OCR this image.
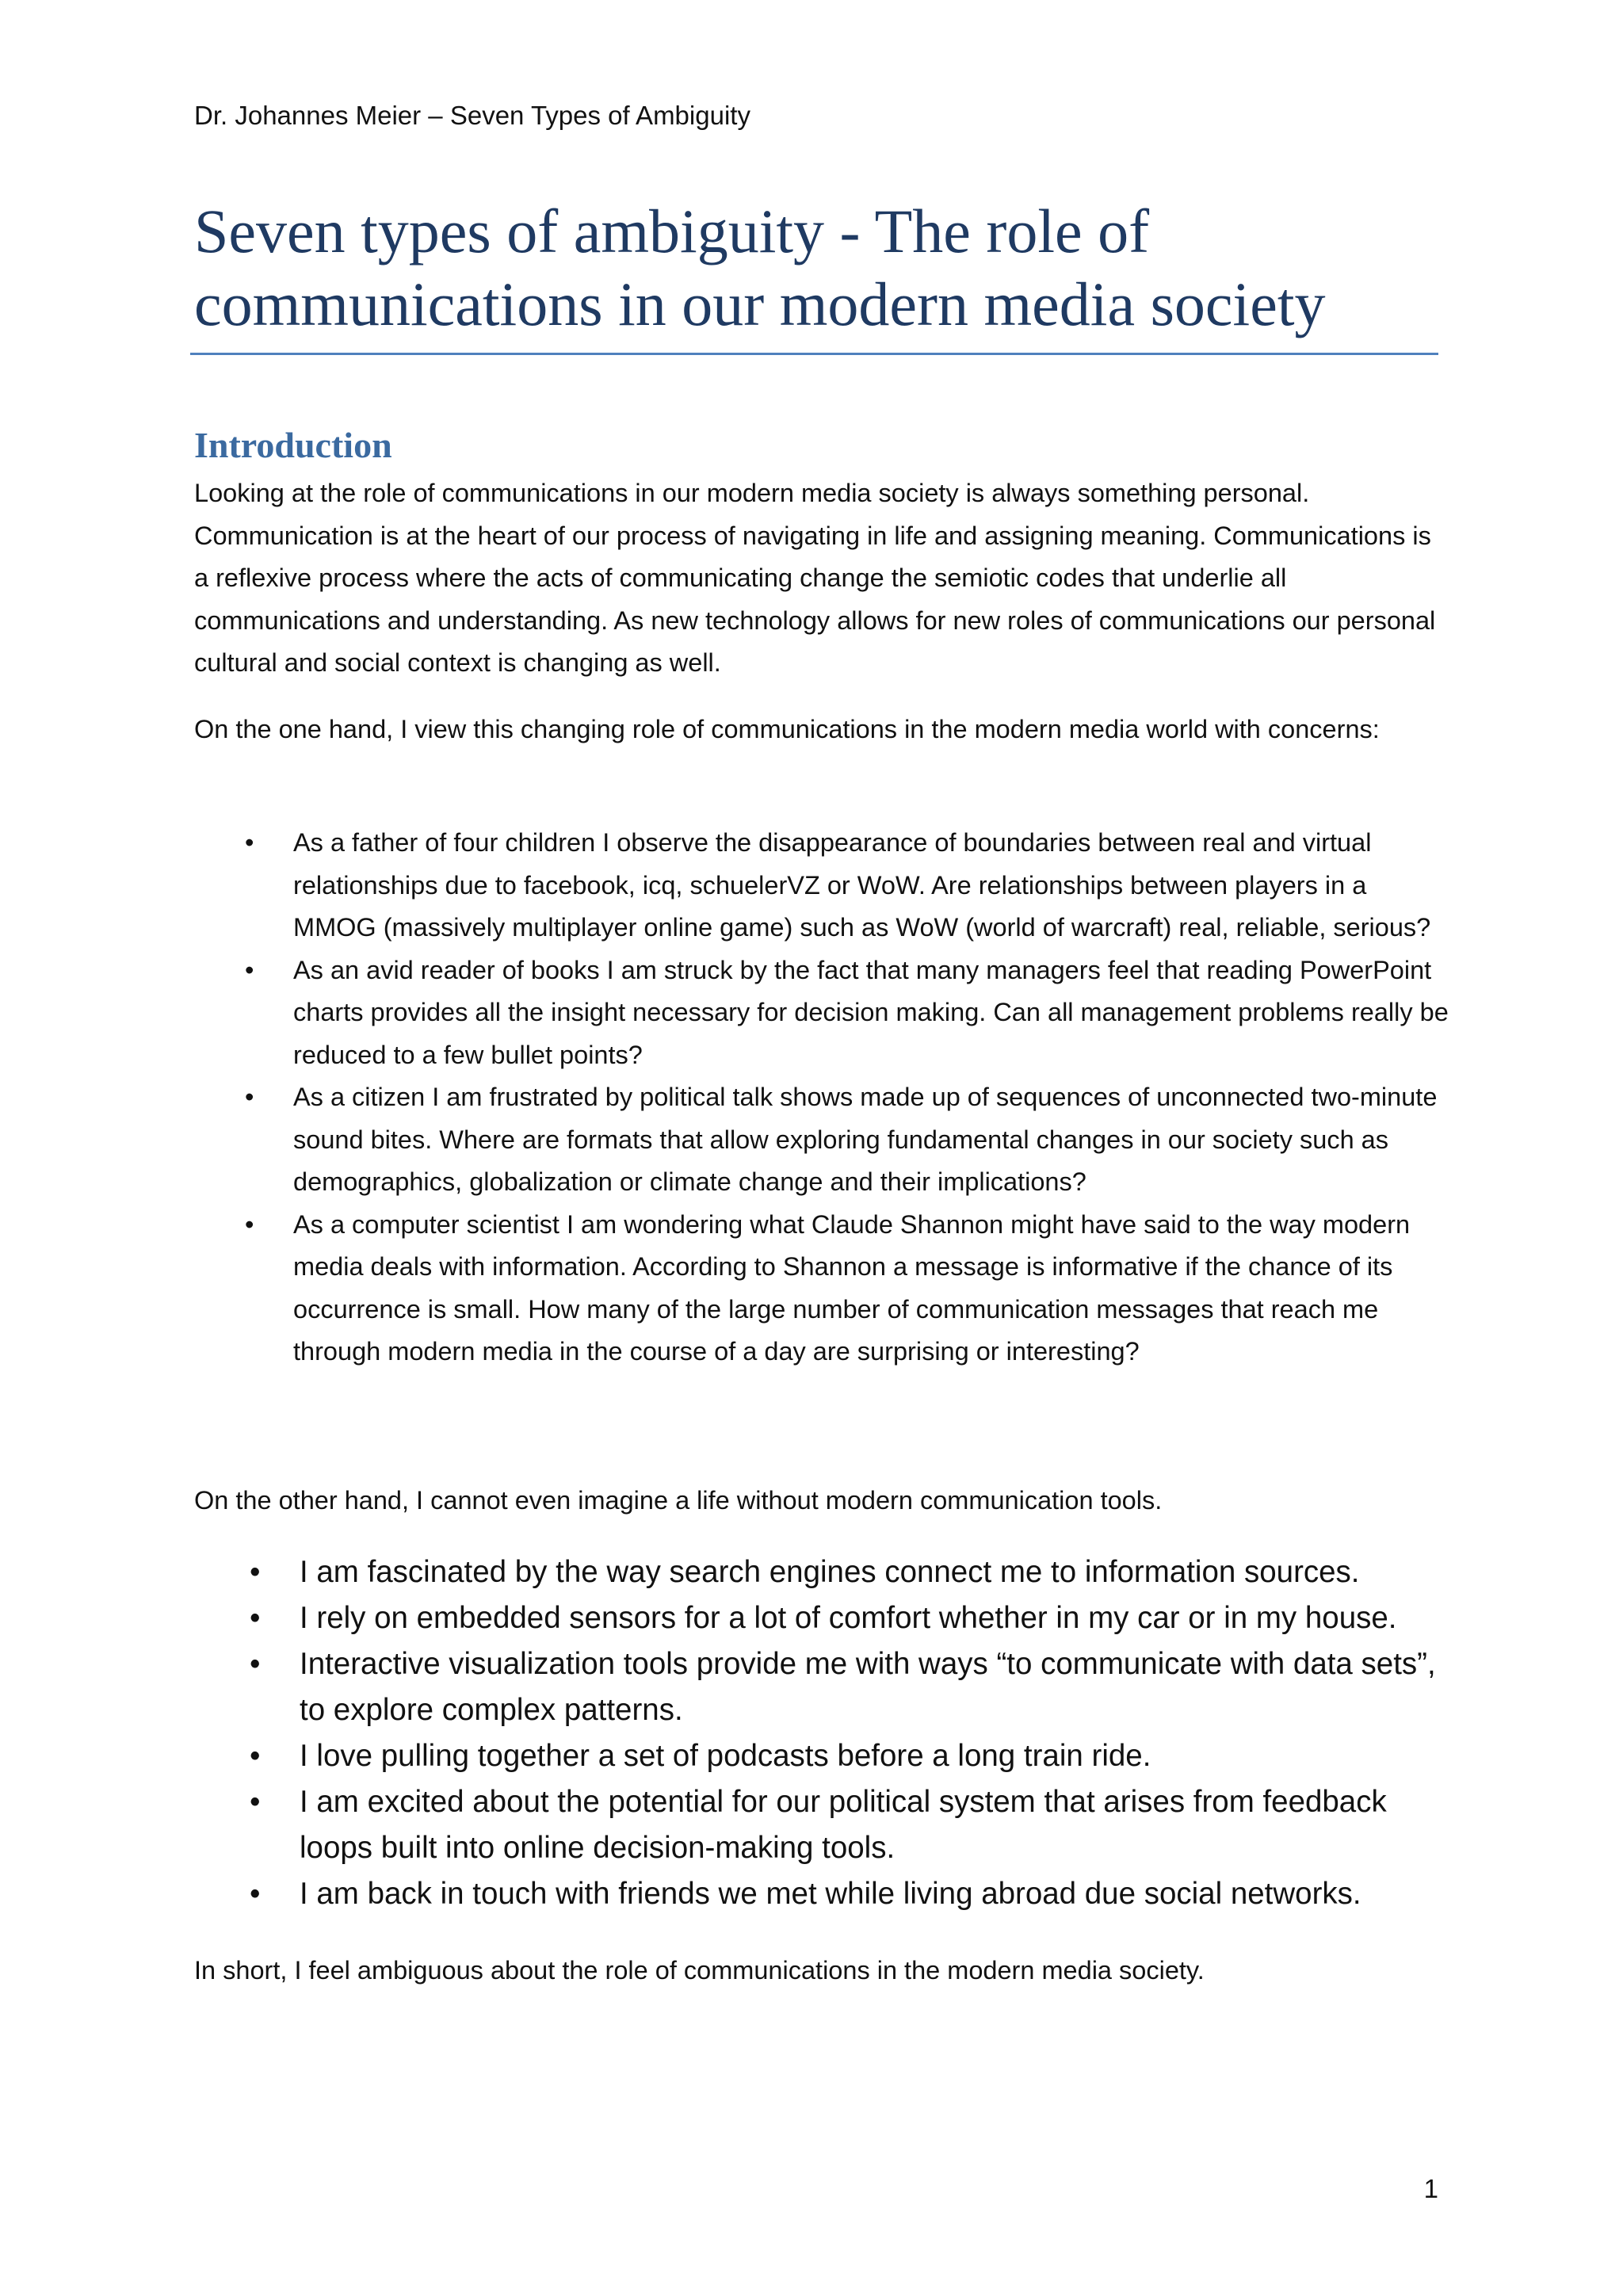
Dr. Johannes Meier – Seven Types of Ambiguity
Seven types of ambiguity - The role of communications in our modern media society
Introduction

Looking at the role of communications in our modern media society is always something personal. Communication is at the heart of our process of navigating in life and assigning meaning. Communications is a reflexive process where the acts of communicating change the semiotic codes that underlie all communications and understanding. As new technology allows for new roles of communications our personal cultural and social context is changing as well.

On the one hand, I view this changing role of communications in the modern media world with concerns:

• As a father of four children I observe the disappearance of boundaries between real and virtual relationships due to facebook, icq, schuelerVZ or WoW. Are relationships between players in a MMOG (massively multiplayer online game) such as WoW (world of warcraft) real, reliable, serious?
• As an avid reader of books I am struck by the fact that many managers feel that reading PowerPoint charts provides all the insight necessary for decision making. Can all management problems really be reduced to a few bullet points?
• As a citizen I am frustrated by political talk shows made up of sequences of unconnected two-minute sound bites. Where are formats that allow exploring fundamental changes in our society such as demographics, globalization or climate change and their implications?
• As a computer scientist I am wondering what Claude Shannon might have said to the way modern media deals with information. According to Shannon a message is informative if the chance of its occurrence is small. How many of the large number of communication messages that reach me through modern media in the course of a day are surprising or interesting?

On the other hand, I cannot even imagine a life without modern communication tools.

• I am fascinated by the way search engines connect me to information sources.
• I rely on embedded sensors for a lot of comfort whether in my car or in my house.
• Interactive visualization tools provide me with ways “to communicate with data sets”, to explore complex patterns.
• I love pulling together a set of podcasts before a long train ride.
• I am excited about the potential for our political system that arises from feedback loops built into online decision-making tools.
• I am back in touch with friends we met while living abroad due social networks.

In short, I feel ambiguous about the role of communications in the modern media society.

1
